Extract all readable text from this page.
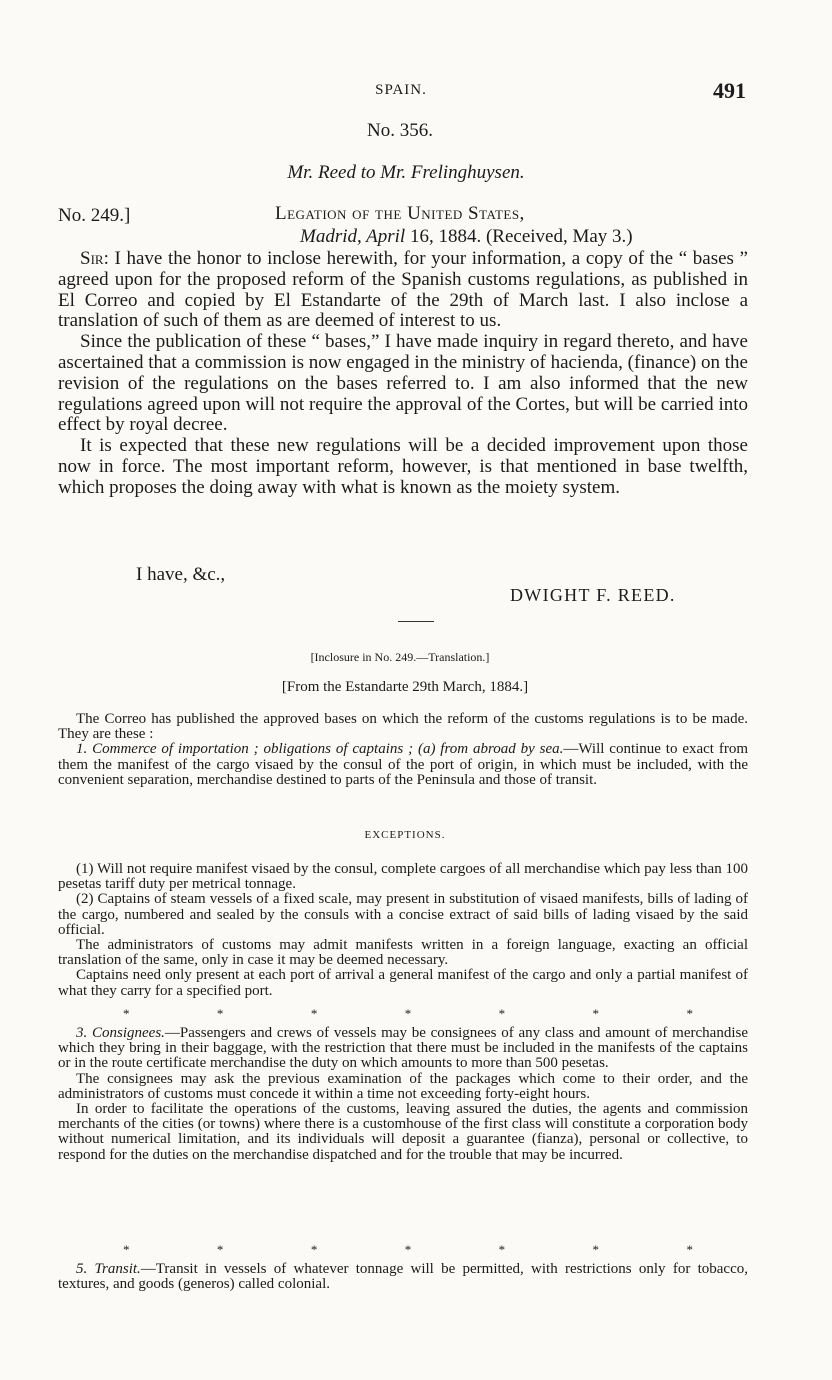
SPAIN.	491
No. 356.
Mr. Reed to Mr. Frelinghuysen.
No. 249.]	Legation of the United States,
Madrid, April 16, 1884. (Received, May 3.)

Sir: I have the honor to inclose herewith, for your information, a copy of the “ bases ” agreed upon for the proposed reform of the Spanish customs regulations, as published in El Correo and copied by El Estandarte of the 29th of March last. I also inclose a translation of such of them as are deemed of interest to us.

Since the publication of these “ bases,” I have made inquiry in regard thereto, and have ascertained that a commission is now engaged in the ministry of hacienda, (finance) on the revision of the regulations on the bases referred to. I am also informed that the new regulations agreed upon will not require the approval of the Cortes, but will be carried into effect by royal decree.

It is expected that these new regulations will be a decided improvement upon those now in force. The most important reform, however, is that mentioned in base twelfth, which proposes the doing away with what is known as the moiety system.

I have, &c.,
DWIGHT F. REED.
[Inclosure in No. 249.—Translation.]
[From the Estandarte 29th March, 1884.]

The Correo has published the approved bases on which the reform of the customs regulations is to be made. They are these :

1. Commerce of importation ; obligations of captains ; (a) from abroad by sea.—Will continue to exact from them the manifest of the cargo visaed by the consul of the port of origin, in which must be included, with the convenient separation, merchandise destined to parts of the Peninsula and those of transit.

EXCEPTIONS.

(1) Will not require manifest visaed by the consul, complete cargoes of all merchandise which pay less than 100 pesetas tariff duty per metrical tonnage.

(2) Captains of steam vessels of a fixed scale, may present in substitution of visaed manifests, bills of lading of the cargo, numbered and sealed by the consuls with a concise extract of said bills of lading visaed by the said official.

The administrators of customs may admit manifests written in a foreign language, exacting an official translation of the same, only in case it may be deemed necessary.

Captains need only present at each port of arrival a general manifest of the cargo and only a partial manifest of what they carry for a specified port.

*	*	*	*	*	*	*

3. Consignees.—Passengers and crews of vessels may be consignees of any class and amount of merchandise which they bring in their baggage, with the restriction that there must be included in the manifests of the captains or in the route certificate merchandise the duty on which amounts to more than 500 pesetas.

The consignees may ask the previous examination of the packages which come to their order, and the administrators of customs must concede it within a time not exceeding forty-eight hours.

In order to facilitate the operations of the customs, leaving assured the duties, the agents and commission merchants of the cities (or towns) where there is a customhouse of the first class will constitute a corporation body without numerical limitation, and its individuals will deposit a guarantee (fianza), personal or collective, to respond for the duties on the merchandise dispatched and for the trouble that may be incurred.

*	*	*	*	*	*	*

5. Transit.—Transit in vessels of whatever tonnage will be permitted, with restrictions only for tobacco, textures, and goods (generos) called colonial.
